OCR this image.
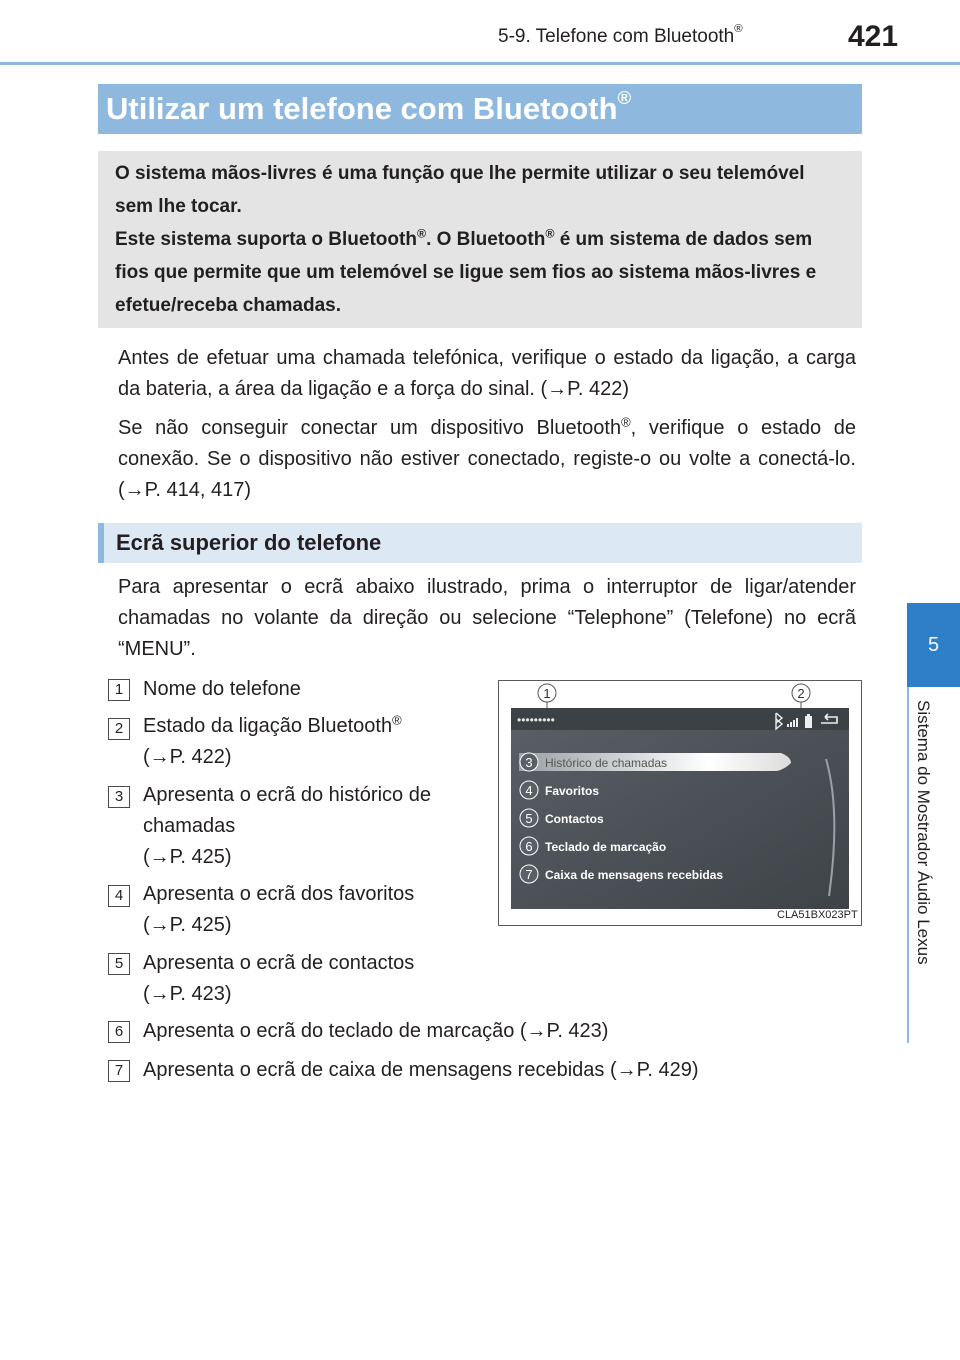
5-9. Telefone com Bluetooth®	421
5
Sistema do Mostrador Áudio Lexus
Utilizar um telefone com Bluetooth®
O sistema mãos-livres é uma função que lhe permite utilizar o seu telemóvel sem lhe tocar.
Este sistema suporta o Bluetooth®. O Bluetooth® é um sistema de dados sem fios que permite que um telemóvel se ligue sem fios ao sistema mãos-livres e efetue/receba chamadas.
Antes de efetuar uma chamada telefónica, verifique o estado da ligação, a carga da bateria, a área da ligação e a força do sinal. (→P. 422)
Se não conseguir conectar um dispositivo Bluetooth®, verifique o estado de conexão. Se o dispositivo não estiver conectado, registe-o ou volte a conectá-lo. (→P. 414, 417)
Ecrã superior do telefone
Para apresentar o ecrã abaixo ilustrado, prima o interruptor de ligar/atender chamadas no volante da direção ou selecione “Telephone” (Telefone) no ecrã “MENU”.
1 Nome do telefone
2 Estado da ligação Bluetooth®
(→P. 422)
3 Apresenta o ecrã do histórico de
chamadas
(→P. 425)
4 Apresenta o ecrã dos favoritos
(→P. 425)
5 Apresenta o ecrã de contactos
(→P. 423)
6 Apresenta o ecrã do teclado de marcação (→P. 423)
7 Apresenta o ecrã de caixa de mensagens recebidas (→P. 429)
•••••••••
Histórico de chamadas
Favoritos
Contactos
Teclado de marcação
Caixa de mensagens recebidas
1	2
3
4
5
6
7
CLA51BX023PT
